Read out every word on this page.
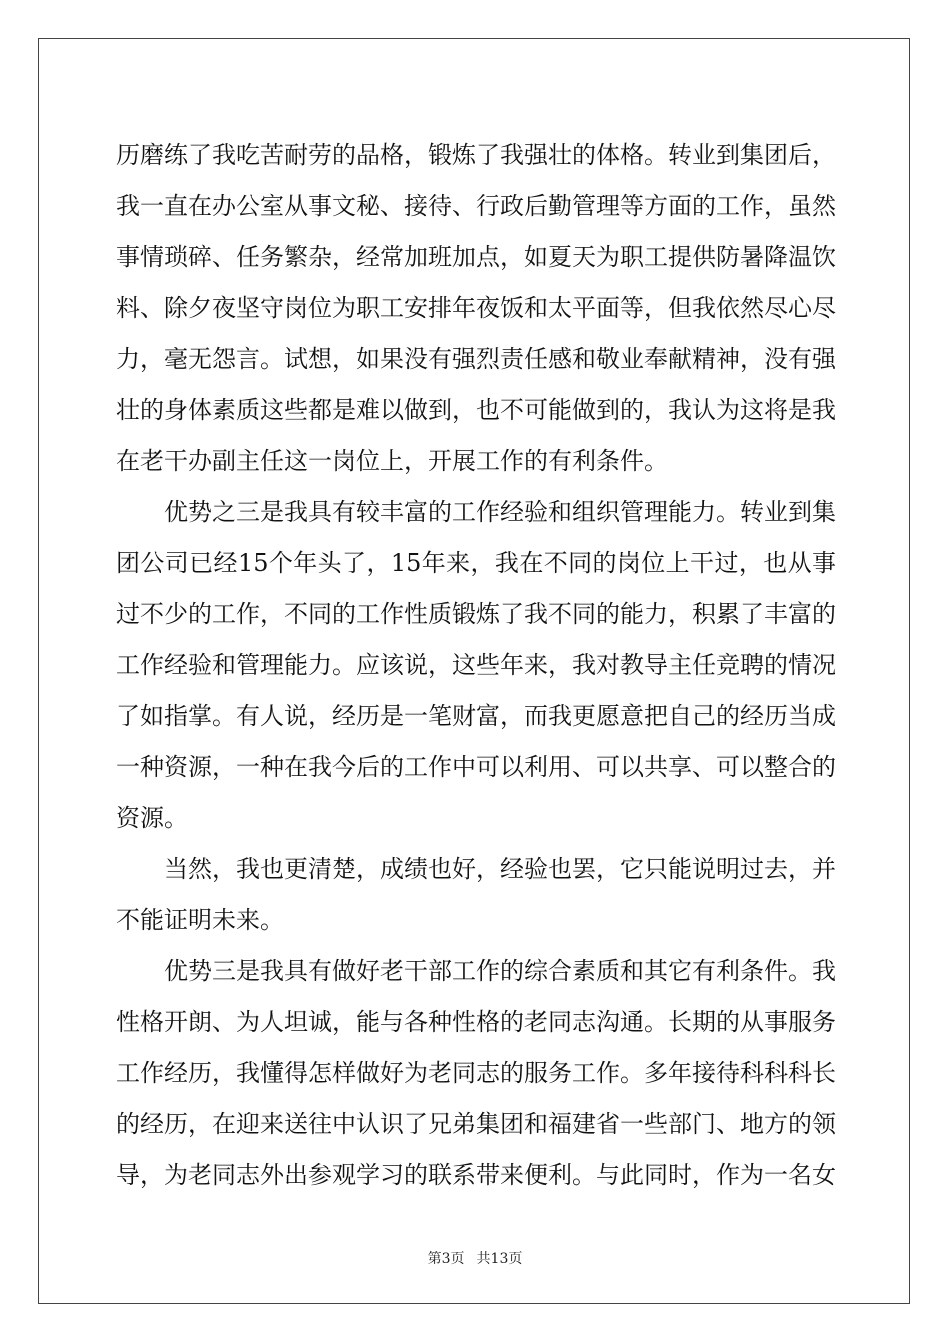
历磨练了我吃苦耐劳的品格，锻炼了我强壮的体格。转业到集团后，
我一直在办公室从事文秘、接待、行政后勤管理等方面的工作，虽然
事情琐碎、任务繁杂，经常加班加点，如夏天为职工提供防暑降温饮
料、除夕夜坚守岗位为职工安排年夜饭和太平面等，但我依然尽心尽
力，毫无怨言。试想，如果没有强烈责任感和敬业奉献精神，没有强
壮的身体素质这些都是难以做到，也不可能做到的，我认为这将是我
在老干办副主任这一岗位上，开展工作的有利条件。
优势之三是我具有较丰富的工作经验和组织管理能力。转业到集
团公司已经15个年头了，15年来，我在不同的岗位上干过，也从事
过不少的工作，不同的工作性质锻炼了我不同的能力，积累了丰富的
工作经验和管理能力。应该说，这些年来，我对教导主任竞聘的情况
了如指掌。有人说，经历是一笔财富，而我更愿意把自己的经历当成
一种资源，一种在我今后的工作中可以利用、可以共享、可以整合的
资源。
当然，我也更清楚，成绩也好，经验也罢，它只能说明过去，并
不能证明未来。
优势三是我具有做好老干部工作的综合素质和其它有利条件。我
性格开朗、为人坦诚，能与各种性格的老同志沟通。长期的从事服务
工作经历，我懂得怎样做好为老同志的服务工作。多年接待科科科长
的经历，在迎来送往中认识了兄弟集团和福建省一些部门、地方的领
导，为老同志外出参观学习的联系带来便利。与此同时，作为一名女
第3页 共13页
